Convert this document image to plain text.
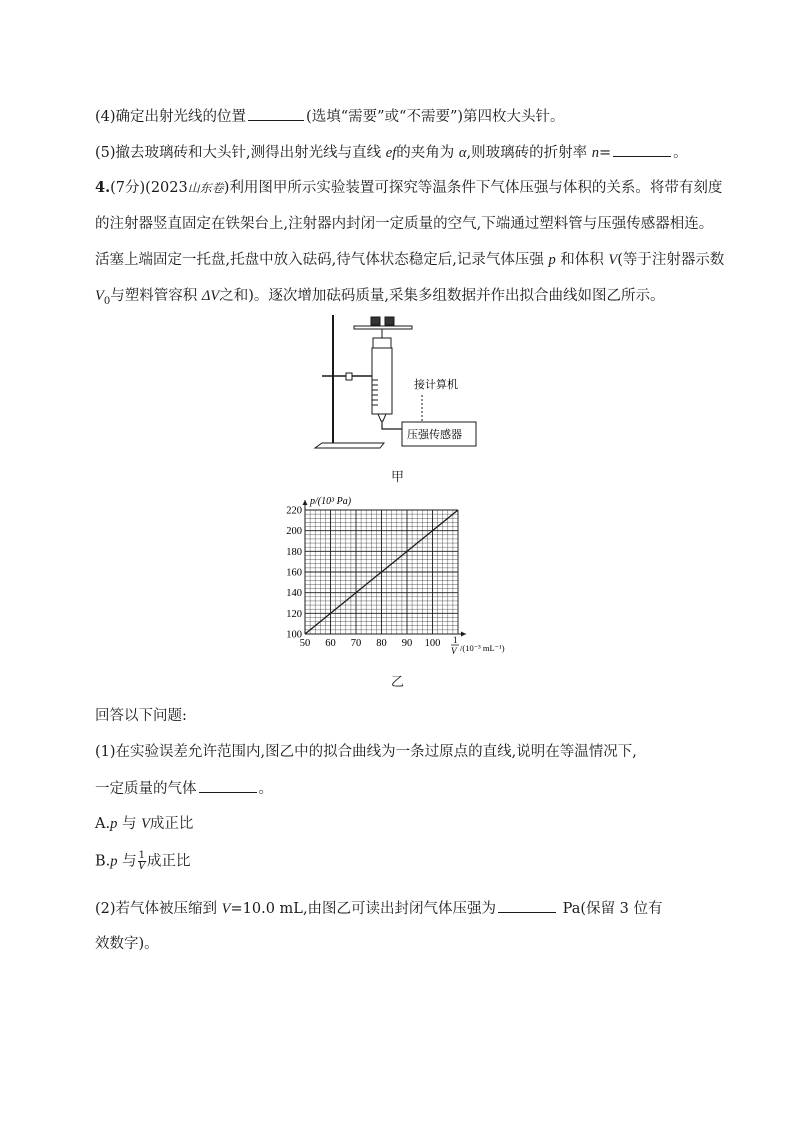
(4)确定出射光线的位置	(选填“需要”或“不需要”)第四枚大头针。
(5)撤去玻璃砖和大头针,测得出射光线与直线 ef的夹角为 α,则玻璃砖的折射率 n=	。
4.(7分)(2023山东卷)利用图甲所示实验装置可探究等温条件下气体压强与体积的关系。将带有刻度
的注射器竖直固定在铁架台上,注射器内封闭一定质量的空气,下端通过塑料管与压强传感器相连。
活塞上端固定一托盘,托盘中放入砝码,待气体状态稳定后,记录气体压强 p 和体积 V(等于注射器示数
$V_0$与塑料管容积 ΔV之和)。逐次增加砝码质量,采集多组数据并作出拟合曲线如图乙所示。
接计算机
压强传感器
甲
50 60 70 80 90 100
100
120
140
160
180
200
220
p/(10³ Pa)
1
V /(10⁻³ mL⁻¹)
乙
回答以下问题:
(1)在实验误差允许范围内,图乙中的拟合曲线为一条过原点的直线,说明在等温情况下,
一定质量的气体	。
A.p 与 V成正比
B.p 与 $\frac{1}{V}$ 成正比
(2)若气体被压缩到 V=10.0 mL,由图乙可读出封闭气体压强为	Pa(保留 3 位有
效数字)。
